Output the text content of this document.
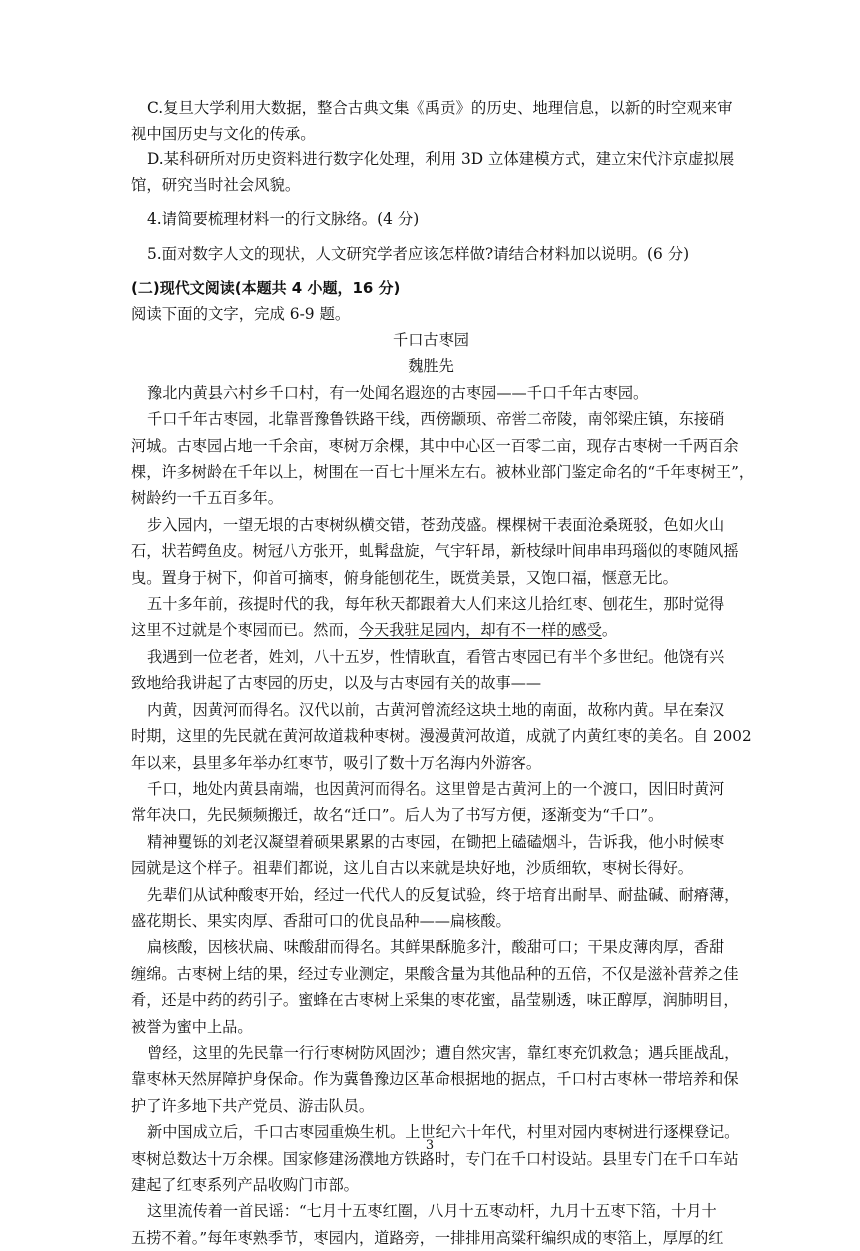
C.复旦大学利用大数据，整合古典文集《禹贡》的历史、地理信息，以新的时空观来审
视中国历史与文化的传承。
D.某科研所对历史资料进行数字化处理，利用 3D 立体建模方式，建立宋代汴京虚拟展
馆，研究当时社会风貌。
4.请简要梳理材料一的行文脉络。(4 分)
5.面对数字人文的现状，人文研究学者应该怎样做?请结合材料加以说明。(6 分)
(二)现代文阅读(本题共 4 小题，16 分)
阅读下面的文字，完成 6-9 题。
千口古枣园
魏胜先
豫北内黄县六村乡千口村，有一处闻名遐迩的古枣园——千口千年古枣园。
千口千年古枣园，北靠晋豫鲁铁路干线，西傍颛顼、帝喾二帝陵，南邻梁庄镇，东接硝
河城。古枣园占地一千余亩，枣树万余棵，其中中心区一百零二亩，现存古枣树一千两百余
棵，许多树龄在千年以上，树围在一百七十厘米左右。被林业部门鉴定命名的“千年枣树王”，
树龄约一千五百多年。
步入园内，一望无垠的古枣树纵横交错，苍劲茂盛。棵棵树干表面沧桑斑驳，色如火山
石，状若鳄鱼皮。树冠八方张开，虬髯盘旋，气宇轩昂，新枝绿叶间串串玛瑙似的枣随风摇
曳。置身于树下，仰首可摘枣，俯身能刨花生，既赏美景，又饱口福，惬意无比。
五十多年前，孩提时代的我，每年秋天都跟着大人们来这儿拾红枣、刨花生，那时觉得
这里不过就是个枣园而已。然而，今天我驻足园内，却有不一样的感受。
我遇到一位老者，姓刘，八十五岁，性情耿直，看管古枣园已有半个多世纪。他饶有兴
致地给我讲起了古枣园的历史，以及与古枣园有关的故事——
内黄，因黄河而得名。汉代以前，古黄河曾流经这块土地的南面，故称内黄。早在秦汉
时期，这里的先民就在黄河故道栽种枣树。漫漫黄河故道，成就了内黄红枣的美名。自 2002
年以来，县里多年举办红枣节，吸引了数十万名海内外游客。
千口，地处内黄县南端，也因黄河而得名。这里曾是古黄河上的一个渡口，因旧时黄河
常年决口，先民频频搬迁，故名“迁口”。后人为了书写方便，逐渐变为“千口”。
精神矍铄的刘老汉凝望着硕果累累的古枣园，在锄把上磕磕烟斗，告诉我，他小时候枣
园就是这个样子。祖辈们都说，这儿自古以来就是块好地，沙质细软，枣树长得好。
先辈们从试种酸枣开始，经过一代代人的反复试验，终于培育出耐旱、耐盐碱、耐瘠薄，
盛花期长、果实肉厚、香甜可口的优良品种——扁核酸。
扁核酸，因核状扁、味酸甜而得名。其鲜果酥脆多汁，酸甜可口；干果皮薄肉厚，香甜
缠绵。古枣树上结的果，经过专业测定，果酸含量为其他品种的五倍，不仅是滋补营养之佳
肴，还是中药的药引子。蜜蜂在古枣树上采集的枣花蜜，晶莹剔透，味正醇厚，润肺明目，
被誉为蜜中上品。
曾经，这里的先民靠一行行枣树防风固沙；遭自然灾害，靠红枣充饥救急；遇兵匪战乱，
靠枣林天然屏障护身保命。作为冀鲁豫边区革命根据地的据点，千口村古枣林一带培养和保
护了许多地下共产党员、游击队员。
新中国成立后，千口古枣园重焕生机。上世纪六十年代，村里对园内枣树进行逐棵登记。
枣树总数达十万余棵。国家修建汤濮地方铁路时，专门在千口村设站。县里专门在千口车站
建起了红枣系列产品收购门市部。
这里流传着一首民谣：“七月十五枣红圈，八月十五枣动杆，九月十五枣下箔，十月十
五捞不着。”每年枣熟季节，枣园内，道路旁，一排排用高粱秆编织成的枣箔上，厚厚的红
3
